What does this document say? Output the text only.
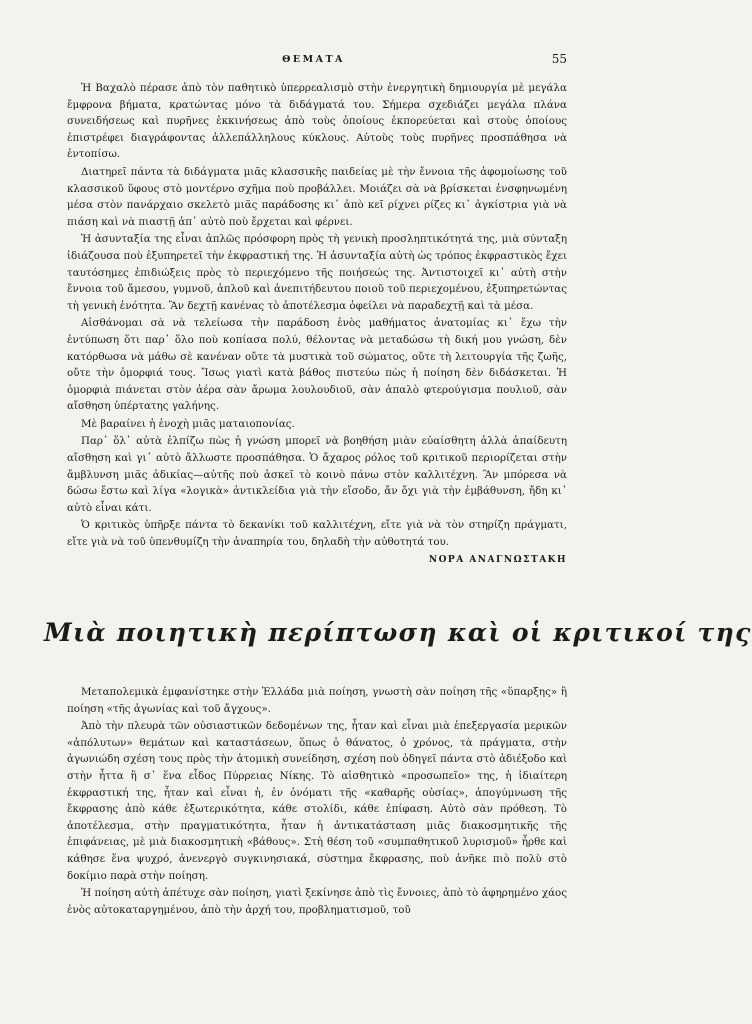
ΘΕΜΑΤΑ	55

Ἡ Βαχαλὸ πέρασε ἀπὸ τὸν παθητικὸ ὑπερρεαλισμὸ στὴν ἐνεργητικὴ δημιουργία μὲ μεγάλα ἔμφρονα βήματα, κρατώντας μόνο τὰ διδάγματά του. Σήμερα σχεδιάζει μεγάλα πλάνα συνειδήσεως καὶ πυρῆνες ἐκκινήσεως ἀπὸ τοὺς ὁποίους ἐκπορεύεται καὶ στοὺς ὁποίους ἐπιστρέφει διαγράφοντας ἀλλεπάλληλους κύκλους. Αὐτοὺς τοὺς πυρῆνες προσπάθησα νὰ ἐντοπίσω.

Διατηρεῖ πάντα τὰ διδάγματα μιᾶς κλασσικῆς παιδείας μὲ τὴν ἔννοια τῆς ἀφομοίωσης τοῦ κλασσικοῦ ὕφους στὸ μοντέρνο σχῆμα ποὺ προβάλλει. Μοιάζει σὰ νὰ βρίσκεται ἐνσφηνωμένη μέσα στὸν πανάρχαιο σκελετὸ μιᾶς παράδοσης κι᾿ ἀπὸ κεῖ ρίχνει ρίζες κι᾿ ἀγκίστρια γιὰ νὰ πιάση καὶ νὰ πιαστῇ ἀπ᾿ αὐτὸ ποὺ ἔρχεται καὶ φέρνει.

Ἡ ἀσυνταξία της εἶναι ἁπλῶς πρόσφορη πρὸς τὴ γενικὴ προσληπτικότητά της, μιὰ σύνταξη ἰδιάζουσα ποὺ ἐξυπηρετεῖ τὴν ἐκφραστική της. Ἡ ἀσυνταξία αὐτὴ ὡς τρόπος ἐκφραστικὸς ἔχει ταυτόσημες ἐπιδιώξεις πρὸς τὸ περιεχόμενο τῆς ποιήσεώς της. Ἀντιστοιχεῖ κι᾿ αὐτὴ στὴν ἔννοια τοῦ ἄμεσου, γυμνοῦ, ἁπλοῦ καὶ ἀνεπιτήδευτου ποιοῦ τοῦ περιεχομένου, ἐξυπηρετώντας τὴ γενικὴ ἑνότητα. Ἂν δεχτῇ κανένας τὸ ἀποτέλεσμα ὀφείλει νὰ παραδεχτῇ καὶ τὰ μέσα.

Αἰσθάνομαι σὰ νὰ τελείωσα τὴν παράδοση ἑνὸς μαθήματος ἀνατομίας κι᾿ ἔχω τὴν ἐντύπωση ὅτι παρ᾿ ὅλο ποὺ κοπίασα πολύ, θέλοντας νὰ μεταδώσω τὴ δική μου γνώση, δὲν κατόρθωσα νὰ μάθω σὲ κανέναν οὔτε τὰ μυστικὰ τοῦ σώματος, οὔτε τὴ λειτουργία τῆς ζωῆς, οὔτε τὴν ὀμορφιά τους. Ἴσως γιατὶ κατὰ βάθος πιστεύω πὼς ἡ ποίηση δὲν διδάσκεται. Ἡ ὀμορφιὰ πιάνεται στὸν ἀέρα σὰν ἄρωμα λουλουδιοῦ, σὰν ἁπαλὸ φτερούγισμα πουλιοῦ, σὰν αἴσθηση ὑπέρτατης γαλήνης.

Μὲ βαραίνει ἡ ἐνοχὴ μιᾶς ματαιοπονίας.

Παρ᾿ ὅλ᾿ αὐτὰ ἐλπίζω πὼς ἡ γνώση μπορεῖ νὰ βοηθήση μιὰν εὐαίσθητη ἀλλὰ ἀπαίδευτη αἴσθηση καὶ γι᾿ αὐτὸ ἄλλωστε προσπάθησα. Ὁ ἄχαρος ρόλος τοῦ κριτικοῦ περιορίζεται στὴν ἄμβλυνση μιᾶς ἀδικίας—αὐτῆς ποὺ ἀσκεῖ τὸ κοινὸ πάνω στὸν καλλιτέχνη. Ἂν μπόρεσα νὰ δώσω ἔστω καὶ λίγα «λογικὰ» ἀντικλείδια γιὰ τὴν εἴσοδο, ἄν ὄχι γιὰ τὴν ἐμβάθυνση, ἤδη κι᾿ αὐτὸ εἶναι κάτι.

Ὁ κριτικὸς ὑπῆρξε πάντα τὸ δεκανίκι τοῦ καλλιτέχνη, εἴτε γιὰ νὰ τὸν στηρίζη πράγματι, εἴτε γιὰ νὰ τοῦ ὑπενθυμίζη τὴν ἀναπηρία του, δηλαδὴ τὴν αὐθοτητά του.

ΝΟΡΑ ΑΝΑΓΝΩΣΤΑΚΗ

Μιὰ ποιητικὴ περίπτωση καὶ οἱ κριτικοί της

Μεταπολεμικὰ ἐμφανίστηκε στὴν Ἑλλάδα μιὰ ποίηση, γνωστὴ σὰν ποίηση τῆς «ὕπαρξης» ἢ ποίηση «τῆς ἀγωνίας καὶ τοῦ ἄγχους».

Ἀπὸ τὴν πλευρὰ τῶν οὐσιαστικῶν δεδομένων της, ἦταν καὶ εἶναι μιὰ ἐπεξεργασία μερικῶν «ἀπόλυτων» θεμάτων καὶ καταστάσεων, ὅπως ὁ θάνατος, ὁ χρόνος, τὰ πράγματα, στὴν ἀγωνιώδη σχέση τους πρὸς τὴν ἀτομικὴ συνείδηση, σχέση ποὺ ὁδηγεῖ πάντα στὸ ἀδιέξοδο καὶ στὴν ἧττα ἢ σ᾿ ἕνα εἶδος Πύρρειας Νίκης. Τὸ αἰσθητικὸ «προσωπεῖο» της, ἡ ἰδιαίτερη ἐκφραστική της, ἦταν καὶ εἶναι ἡ, ἐν ὀνόματι τῆς «καθαρῆς οὐσίας», ἀπογύμνωση τῆς ἔκφρασης ἀπὸ κάθε ἐξωτερικότητα, κάθε στολίδι, κάθε ἐπίφαση. Αὐτὸ σὰν πρόθεση. Τὸ ἀποτέλεσμα, στὴν πραγματικότητα, ἦταν ἡ ἀντικατάσταση μιᾶς διακοσμητικῆς τῆς ἐπιφάνειας, μὲ μιὰ διακοσμητικὴ «βάθους». Στὴ θέση τοῦ «συμπαθητικοῦ λυρισμοῦ» ἦρθε καὶ κάθησε ἕνα ψυχρό, ἀνενεργὸ συγκινησιακά, σύστημα ἔκφρασης, ποὺ ἀνῆκε πιὸ πολὺ στὸ δοκίμιο παρὰ στὴν ποίηση.

Ἡ ποίηση αὐτὴ ἀπέτυχε σὰν ποίηση, γιατὶ ξεκίνησε ἀπὸ τὶς ἔννοιες, ἀπὸ τὸ ἀφηρημένο χάος ἑνὸς αὐτοκαταργημένου, ἀπὸ τὴν ἀρχή του, προβληματισμοῦ, τοῦ
